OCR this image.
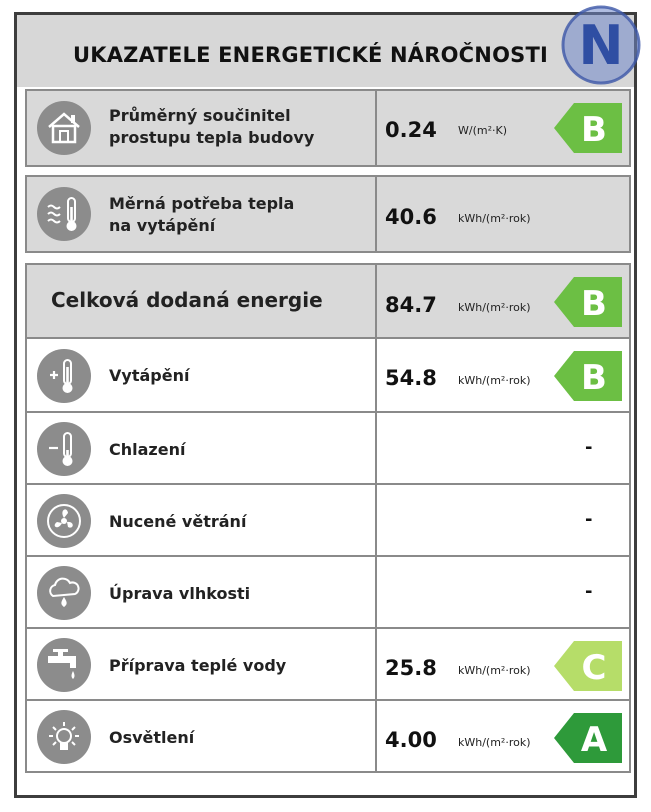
UKAZATELE ENERGETICKÉ NÁROČNOSTI
Průměrný součinitel
prostupu tepla budovy	0.24 W/(m²·K) B
Měrná potřeba tepla
na vytápění	40.6 kWh/(m²·rok)
Celková dodaná energie	84.7 kWh/(m²·rok) B
Vytápění	54.8 kWh/(m²·rok) B
Chlazení	-
Nucené větrání	-
Úprava vlhkosti	-
Příprava teplé vody	25.8 kWh/(m²·rok) C
Osvětlení	4.00 kWh/(m²·rok) A
N
